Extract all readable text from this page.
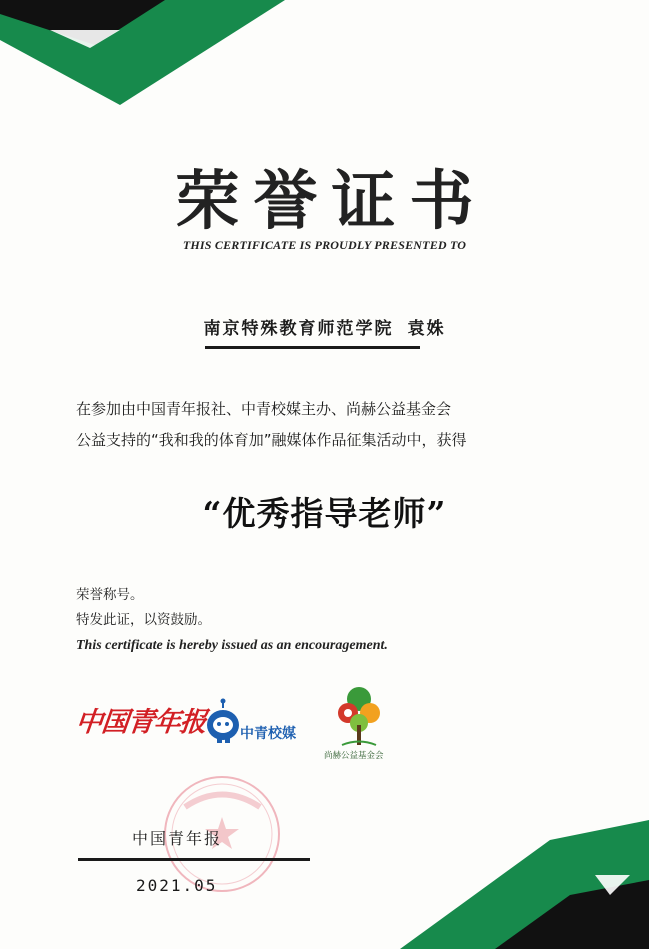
荣誉证书
THIS CERTIFICATE IS PROUDLY PRESENTED TO
南京特殊教育师范学院 袁姝
在参加由中国青年报社、中青校媒主办、尚赫公益基金会
公益支持的“我和我的体育加”融媒体作品征集活动中，获得
“优秀指导老师”
荣誉称号。
特发此证，以资鼓励。
This certificate is hereby issued as an encouragement.
中国青年报 中青校媒
尚赫公益基金会
中国青年报
2021.05
